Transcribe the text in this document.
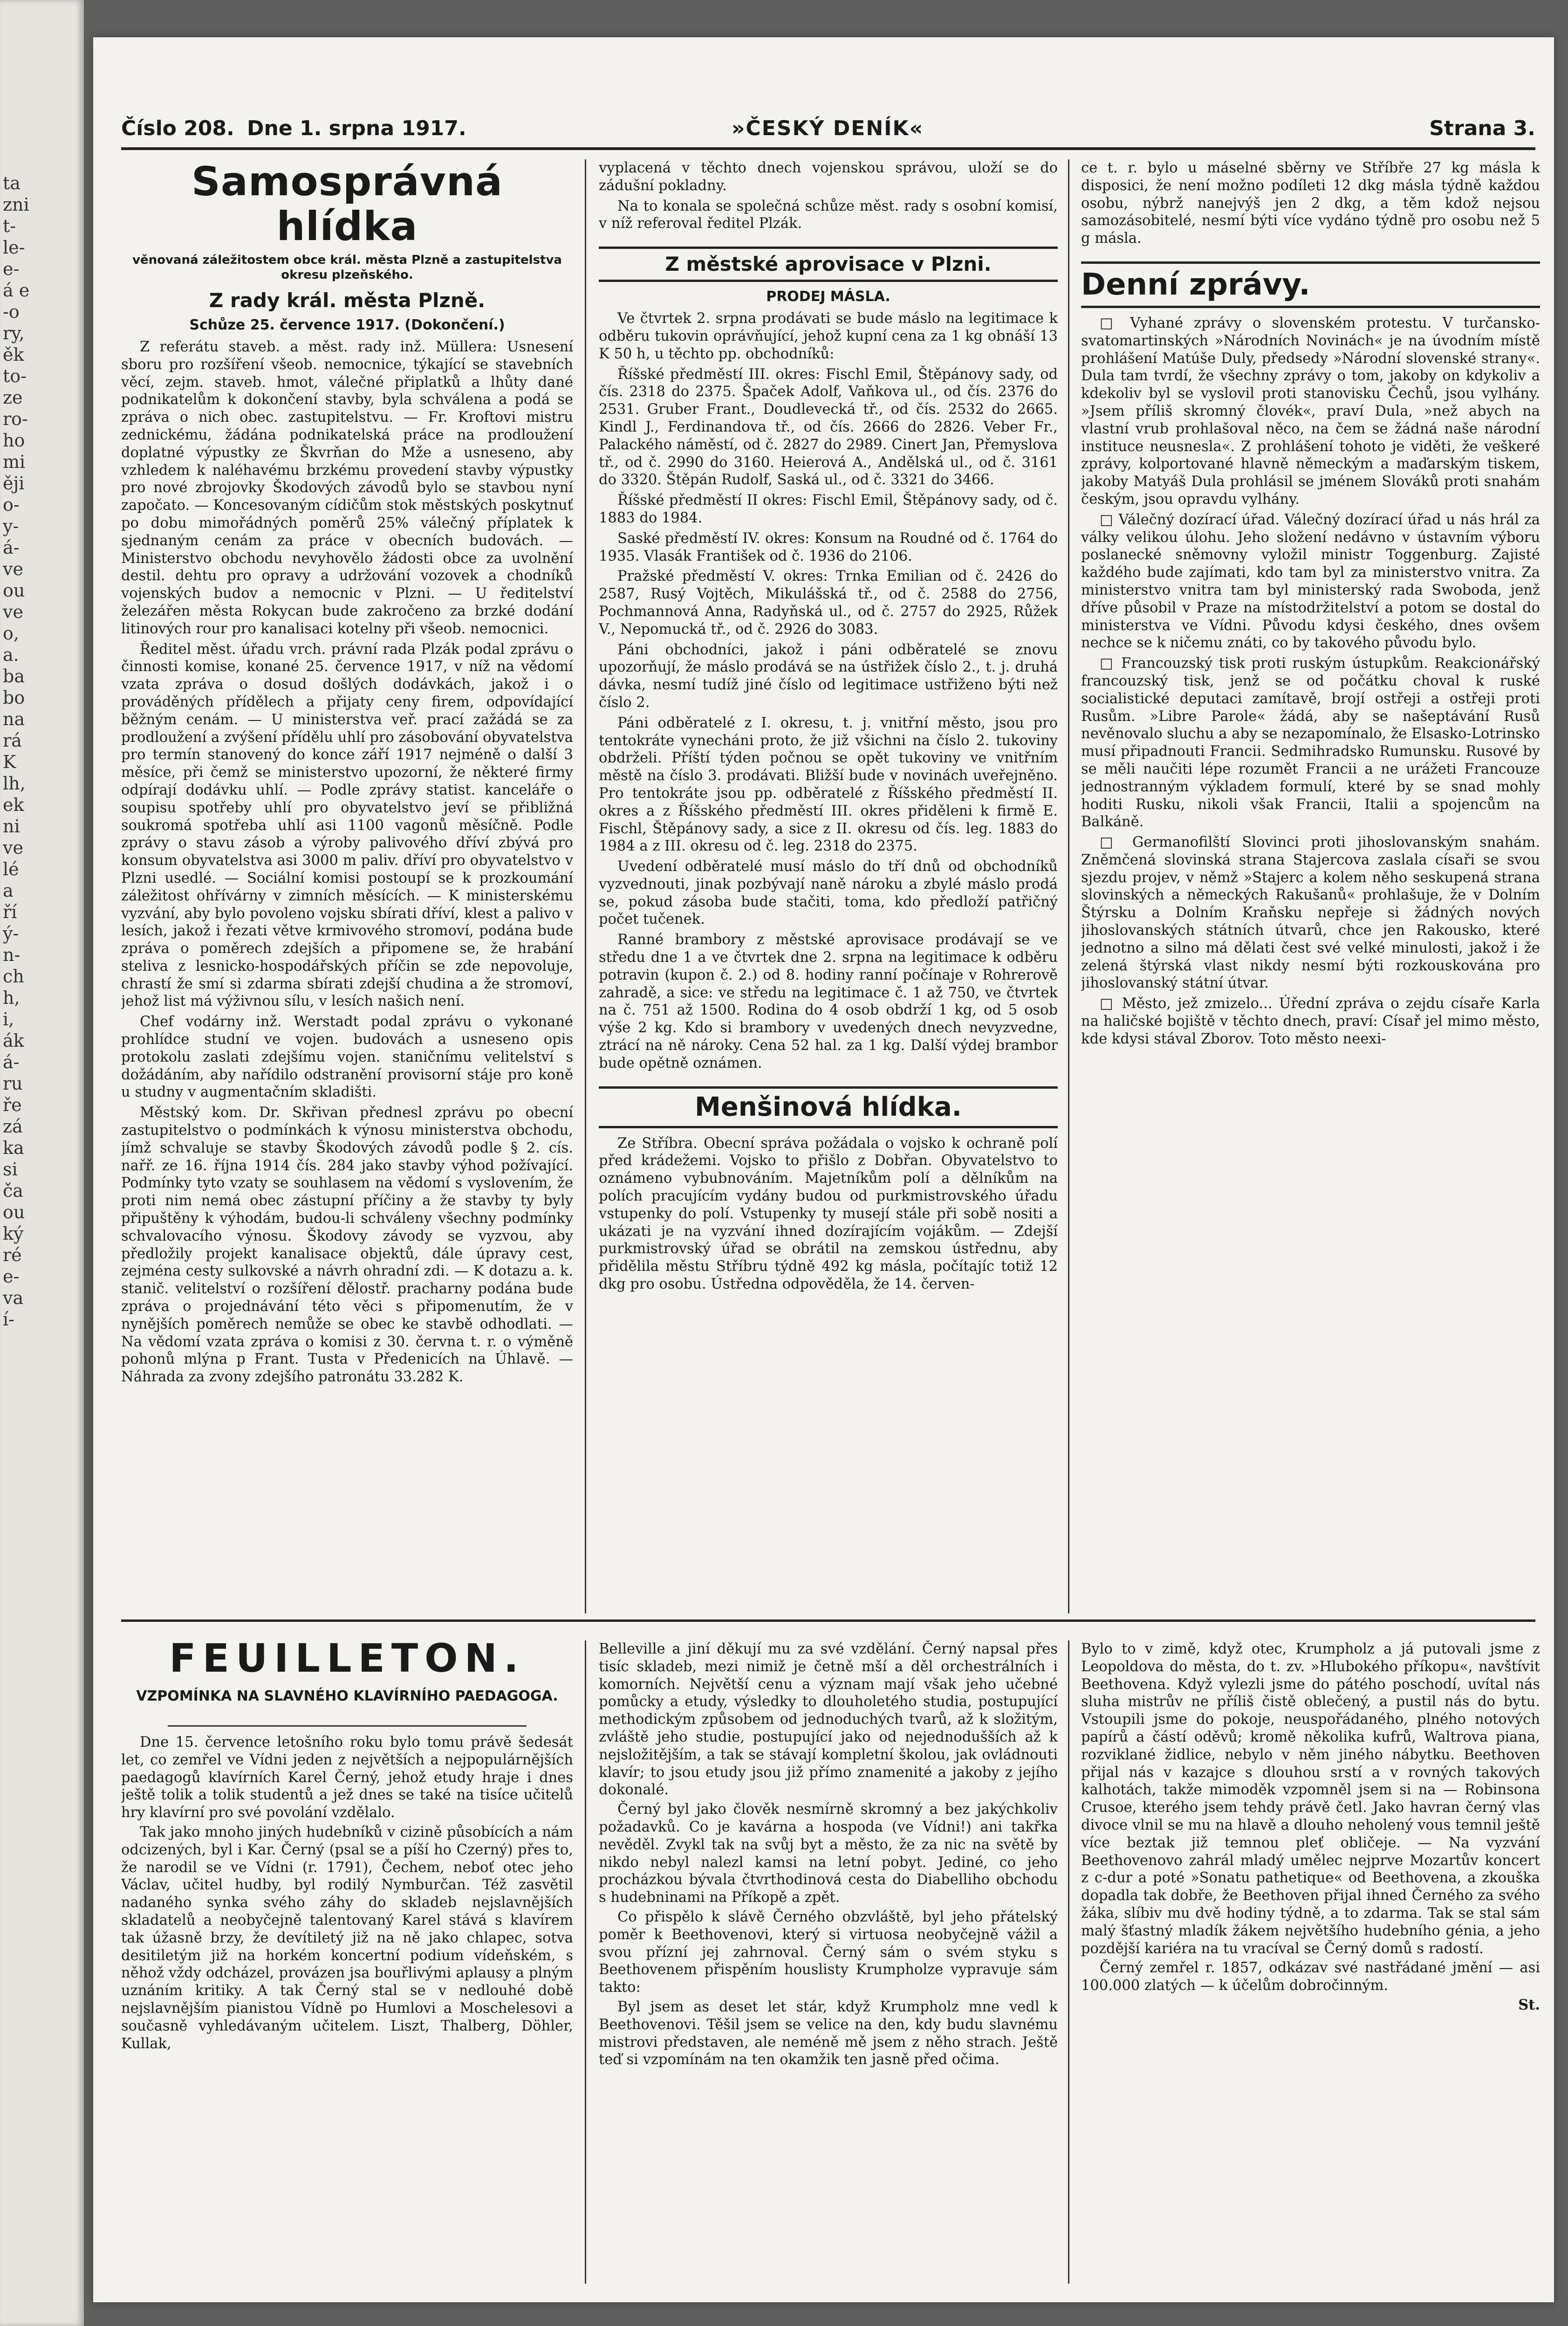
ta
zni
t-
le-
e-
á e
-o
ry,
ěk
to-
ze
ro-
ho
mi
ěji
o-
y-
á-
ve
ou
ve
o,
a.
ba
bo
na
rá
K
lh,
ek
ni
ve
lé
a
ří
ý-
n-
ch
h,
i,
ák
á-
ru
ře
zá
ka
si
ča
ou
ký
ré
e-
va
í-
Číslo 208. Dne 1. srpna 1917.	»ČESKÝ DENÍK«	Strana 3.
Samosprávná hlídka
věnovaná záležitostem obce král. města Plzně a zastupitelstva okresu plzeňského.
Z rady král. města Plzně.
Schůze 25. července 1917. (Dokončení.)

Z referátu staveb. a měst. rady inž. Müllera: Usnesení sboru pro rozšíření všeob. nemocnice, týkající se stavebních věcí, zejm. staveb. hmot, válečné připlatků a lhůty dané podnikatelům k dokončení stavby, byla schválena a podá se zpráva o nich obec. zastupitelstvu. — Fr. Kroftovi mistru zednickému, žádána podnikatelská práce na prodloužení doplatné výpustky ze Škvrňan do Mže a usneseno, aby vzhledem k naléhavému brzkému provedení stavby výpustky pro nové zbrojovky Škodových závodů bylo se stavbou nyní započato. — Koncesovaným cídičům stok městských poskytnuť po dobu mimořádných poměrů 25% válečný příplatek k sjednaným cenám za práce v obecních budovách. — Ministerstvo obchodu nevyhovělo žádosti obce za uvolnění destil. dehtu pro opravy a udržování vozovek a chodníků vojenských budov a nemocnic v Plzni. — U ředitelství železářen města Rokycan bude zakročeno za brzké dodání litinových rour pro kanalisaci kotelny při všeob. nemocnici.

Ředitel měst. úřadu vrch. právní rada Plzák podal zprávu o činnosti komise, konané 25. července 1917, v níž na vědomí vzata zpráva o dosud došlých dodávkách, jakož i o prováděných přídělech a přijaty ceny firem, odpovídající běžným cenám. — U ministerstva veř. prací zažádá se za prodloužení a zvýšení přídělu uhlí pro zásobování obyvatelstva pro termín stanovený do konce září 1917 nejméně o další 3 měsíce, při čemž se ministerstvo upozorní, že některé firmy odpírají dodávku uhlí. — Podle zprávy statist. kanceláře o soupisu spotřeby uhlí pro obyvatelstvo jeví se přibližná soukromá spotřeba uhlí asi 1100 vagonů měsíčně. Podle zprávy o stavu zásob a výroby palivového dříví zbývá pro konsum obyvatelstva asi 3000 m paliv. dříví pro obyvatelstvo v Plzni usedlé. — Sociální komisi postoupí se k prozkoumání záležitost ohřívárny v zimních měsících. — K ministerskému vyzvání, aby bylo povoleno vojsku sbírati dříví, klest a palivo v lesích, jakož i řezati větve krmivového stromoví, podána bude zpráva o poměrech zdejších a připomene se, že hrabání steliva z lesnicko-hospodářských příčin se zde nepovoluje, chrastí že smí si zdarma sbírati zdejší chudina a že stromoví, jehož list má výživnou sílu, v lesích našich není.

Chef vodárny inž. Werstadt podal zprávu o vykonané prohlídce studní ve vojen. budovách a usneseno opis protokolu zaslati zdejšímu vojen. staničnímu velitelství s dožádáním, aby nařídilo odstranění provisorní stáje pro koně u studny v augmentačním skladišti.

Městský kom. Dr. Skřivan přednesl zprávu po obecní zastupitelstvo o podmínkách k výnosu ministerstva obchodu, jímž schvaluje se stavby Škodových závodů podle § 2. cís. nařř. ze 16. října 1914 čís. 284 jako stavby výhod požívající. Podmínky tyto vzaty se souhlasem na vědomí s vyslovením, že proti nim nemá obec zástupní příčiny a že stavby ty byly připuštěny k výhodám, budou-li schváleny všechny podmínky schvalovacího výnosu. Škodovy závody se vyzvou, aby předložily projekt kanalisace objektů, dále úpravy cest, zejména cesty sulkovské a návrh ohradní zdi. — K dotazu a. k. stanič. velitelství o rozšíření dělostř. pracharny podána bude zpráva o projednávání této věci s připomenutím, že v nynějších poměrech nemůže se obec ke stavbě odhodlati. — Na vědomí vzata zpráva o komisi z 30. června t. r. o výměně pohonů mlýna p Frant. Tusta v Předenicích na Úhlavě. — Náhrada za zvony zdejšího patronátu 33.282 K.

vyplacená v těchto dnech vojenskou správou, uloží se do zádušní pokladny.

Na to konala se společná schůze měst. rady s osobní komisí, v níž referoval ředitel Plzák.

Z městské aprovisace v Plzni.
PRODEJ MÁSLA.

Ve čtvrtek 2. srpna prodávati se bude máslo na legitimace k odběru tukovin oprávňující, jehož kupní cena za 1 kg obnáší 13 K 50 h, u těchto pp. obchodníků:

Říšské předměstí III. okres: Fischl Emil, Štěpánovy sady, od čís. 2318 do 2375. Špaček Adolf, Vaňkova ul., od čís. 2376 do 2531. Gruber Frant., Doudlevecká tř., od čís. 2532 do 2665. Kindl J., Ferdinandova tř., od čís. 2666 do 2826. Veber Fr., Palackého náměstí, od č. 2827 do 2989. Cinert Jan, Přemyslova tř., od č. 2990 do 3160. Heierová A., Andělská ul., od č. 3161 do 3320. Štěpán Rudolf, Saská ul., od č. 3321 do 3466.

Říšské předměstí II okres: Fischl Emil, Štěpánovy sady, od č. 1883 do 1984.

Saské předměstí IV. okres: Konsum na Roudné od č. 1764 do 1935. Vlasák František od č. 1936 do 2106.

Pražské předměstí V. okres: Trnka Emilian od č. 2426 do 2587, Rusý Vojtěch, Mikulášská tř., od č. 2588 do 2756, Pochmannová Anna, Radyňská ul., od č. 2757 do 2925, Růžek V., Nepomucká tř., od č. 2926 do 3083.

Páni obchodníci, jakož i páni odběratelé se znovu upozorňují, že máslo prodává se na ústřižek číslo 2., t. j. druhá dávka, nesmí tudíž jiné číslo od legitimace ustřiženo býti než číslo 2.

Páni odběratelé z I. okresu, t. j. vnitřní město, jsou pro tentokráte vynecháni proto, že již všichni na číslo 2. tukoviny obdrželi. Příští týden počnou se opět tukoviny ve vnitřním městě na číslo 3. prodávati. Bližší bude v novinách uveřejněno. Pro tentokráte jsou pp. odběratelé z Říšského předměstí II. okres a z Říšského předměstí III. okres přiděleni k firmě E. Fischl, Štěpánovy sady, a sice z II. okresu od čís. leg. 1883 do 1984 a z III. okresu od č. leg. 2318 do 2375.

Uvedení odběratelé musí máslo do tří dnů od obchodníků vyzvednouti, jinak pozbývají naně nároku a zbylé máslo prodá se, pokud zásoba bude stačiti, toma, kdo předloží patřičný počet tučenek.

Ranné brambory z městské aprovisace prodávají se ve středu dne 1 a ve čtvrtek dne 2. srpna na legitimace k odběru potravin (kupon č. 2.) od 8. hodiny ranní počínaje v Rohrerově zahradě, a sice: ve středu na legitimace č. 1 až 750, ve čtvrtek na č. 751 až 1500. Rodina do 4 osob obdrží 1 kg, od 5 osob výše 2 kg. Kdo si brambory v uvedených dnech nevyzvedne, ztrácí na ně nároky. Cena 52 hal. za 1 kg. Další výdej brambor bude opětně oznámen.

Menšinová hlídka.

Ze Stříbra. Obecní správa požádala o vojsko k ochraně polí před krádežemi. Vojsko to přišlo z Dobřan. Obyvatelstvo to oznámeno vybubnováním. Majetníkům polí a dělníkům na polích pracujícím vydány budou od purkmistrovského úřadu vstupenky do polí. Vstupenky ty musejí stále při sobě nositi a ukázati je na vyzvání ihned dozírajícím vojákům. — Zdejší purkmistrovský úřad se obrátil na zemskou ústřednu, aby přidělila městu Stříbru týdně 492 kg másla, počítajíc totiž 12 dkg pro osobu. Ústředna odpověděla, že 14. červen-

ce t. r. bylo u máselné sběrny ve Stříbře 27 kg másla k disposici, že není možno podíleti 12 dkg másla týdně každou osobu, nýbrž nanejvýš jen 2 dkg, a těm kdož nejsou samozásobitelé, nesmí býti více vydáno týdně pro osobu než 5 g másla.

Denní zprávy.

□ Vyhané zprávy o slovenském protestu. V turčansko-svatomartinských »Národních Novinách« je na úvodním místě prohlášení Matúše Duly, předsedy »Národní slovenské strany«. Dula tam tvrdí, že všechny zprávy o tom, jakoby on kdykoliv a kdekoliv byl se vyslovil proti stanovisku Čechů, jsou vylhány. »Jsem příliš skromný človék«, praví Dula, »než abych na vlastní vrub prohlašoval něco, na čem se žádná naše národní instituce neusnesla«. Z prohlášení tohoto je viděti, že veškeré zprávy, kolportované hlavně německým a maďarským tiskem, jakoby Matyáš Dula prohlásil se jménem Slováků proti snahám českým, jsou opravdu vylhány.

□ Válečný dozírací úřad. Válečný dozírací úřad u nás hrál za války velikou úlohu. Jeho složení nedávno v ústavním výboru poslanecké sněmovny vyložil ministr Toggenburg. Zajisté každého bude zajímati, kdo tam byl za ministerstvo vnitra. Za ministerstvo vnitra tam byl ministerský rada Swoboda, jenž dříve působil v Praze na místodržitelství a potom se dostal do ministerstva ve Vídni. Původu kdysi českého, dnes ovšem nechce se k ničemu znáti, co by takového původu bylo.

□ Francouzský tisk proti ruským ústupkům. Reakcionářský francouzský tisk, jenž se od počátku choval k ruské socialistické deputaci zamítavě, brojí ostřeji a ostřeji proti Rusům. »Libre Parole« žádá, aby se našeptávání Rusů nevěnovalo sluchu a aby se nezapomínalo, že Elsasko-Lotrinsko musí připadnouti Francii. Sedmihradsko Rumunsku. Rusové by se měli naučiti lépe rozumět Francii a ne urážeti Francouze jednostranným výkladem formulí, které by se snad mohly hoditi Rusku, nikoli však Francii, Italii a spojencům na Balkáně.

□ Germanofilští Slovinci proti jihoslovanským snahám. Zněmčená slovinská strana Stajercova zaslala císaři se svou sjezdu projev, v němž »Stajerc a kolem něho seskupená strana slovinských a německých Rakušanů« prohlašuje, že v Dolním Štýrsku a Dolním Kraňsku nepřeje si žádných nových jihoslovanských státních útvarů, chce jen Rakousko, které jednotno a silno má dělati čest své velké minulosti, jakož i že zelená štýrská vlast nikdy nesmí býti rozkouskována pro jihoslovanský státní útvar.

□ Město, jež zmizelo... Úřední zpráva o zejdu císaře Karla na haličské bojiště v těchto dnech, praví: Císař jel mimo město, kde kdysi stával Zborov. Toto město neexi-

FEUILLETON.
VZPOMÍNKA NA SLAVNÉHO KLAVÍRNÍHO PAEDAGOGA.

Dne 15. července letošního roku bylo tomu právě šedesát let, co zemřel ve Vídni jeden z největších a nejpopulárnějších paedagogů klavírních Karel Černý, jehož etudy hraje i dnes ještě tolik a tolik studentů a jež dnes se také na tisíce učitelů hry klavírní pro své povolání vzdělalo.

Tak jako mnoho jiných hudebníků v cizině působících a nám odcizených, byl i Kar. Černý (psal se a píší ho Czerný) přes to, že narodil se ve Vídni (r. 1791), Čechem, neboť otec jeho Václav, učitel hudby, byl rodilý Nymburčan. Též zasvětil nadaného synka svého záhy do skladeb nejslavnějších skladatelů a neobyčejně talentovaný Karel stává s klavírem tak úžasně brzy, že devítiletý již na ně jako chlapec, sotva desitiletým již na horkém koncertní podium vídeňském, s něhož vždy odcházel, provázen jsa bouřlivými aplausy a plným uznáním kritiky. A tak Černý stal se v nedlouhé době nejslavnějším pianistou Vídně po Humlovi a Moschelesovi a současně vyhledávaným učitelem. Liszt, Thalberg, Döhler, Kullak,

Belleville a jiní děkují mu za své vzdělání. Černý napsal přes tisíc skladeb, mezi nimiž je četně mší a děl orchestrálních i komorních. Největší cenu a význam mají však jeho učebné pomůcky a etudy, výsledky to dlouholetého studia, postupující methodickým způsobem od jednoduchých tvarů, až k složitým, zvláště jeho studie, postupující jako od nejednodušších až k nejsložitějším, a tak se stávají kompletní školou, jak ovládnouti klavír; to jsou etudy jsou již přímo znamenité a jakoby z jejího dokonalé.

Černý byl jako člověk nesmírně skromný a bez jakýchkoliv požadavků. Co je kavárna a hospoda (ve Vídni!) ani takřka nevěděl. Zvykl tak na svůj byt a město, že za nic na světě by nikdo nebyl nalezl kamsi na letní pobyt. Jediné, co jeho procházkou bývala čtvrthodinová cesta do Diabelliho obchodu s hudebninami na Příkopě a zpět.

Co přispělo k slávě Černého obzvláště, byl jeho přátelský poměr k Beethovenovi, který si virtuosa neobyčejně vážil a svou přízní jej zahrnoval. Černý sám o svém styku s Beethovenem přispěním houslisty Krumpholze vypravuje sám takto:

Byl jsem as deset let stár, když Krumpholz mne vedl k Beethovenovi. Těšil jsem se velice na den, kdy budu slavnému mistrovi představen, ale neméně mě jsem z něho strach. Ještě teď si vzpomínám na ten okamžik ten jasně před očima.

Bylo to v zimě, když otec, Krumpholz a já putovali jsme z Leopoldova do města, do t. zv. »Hlubokého příkopu«, navštívit Beethovena. Když vylezli jsme do pátého poschodí, uvítal nás sluha mistrův ne příliš čistě oblečený, a pustil nás do bytu. Vstoupili jsme do pokoje, neuspořádaného, plného notových papírů a částí oděvů; kromě několika kufrů, Waltrova piana, rozviklané židlice, nebylo v něm jiného nábytku. Beethoven přijal nás v kazajce s dlouhou srstí a v rovných takových kalhotách, takže mimoděk vzpomněl jsem si na — Robinsona Crusoe, kterého jsem tehdy právě četl. Jako havran černý vlas divoce vlnil se mu na hlavě a dlouho neholený vous temnil ještě více beztak již temnou pleť obličeje. — Na vyzvání Beethovenovo zahrál mladý umělec nejprve Mozartův koncert z c-dur a poté »Sonatu pathetique« od Beethovena, a zkouška dopadla tak dobře, že Beethoven přijal ihned Černého za svého žáka, slíbiv mu dvě hodiny týdně, a to zdarma. Tak se stal sám malý šťastný mladík žákem největšího hudebního génia, a jeho pozdější kariéra na tu vracíval se Černý domů s radostí.

Černý zemřel r. 1857, odkázav své nastřádané jmění — asi 100.000 zlatých — k účelům dobročinným.

St.
